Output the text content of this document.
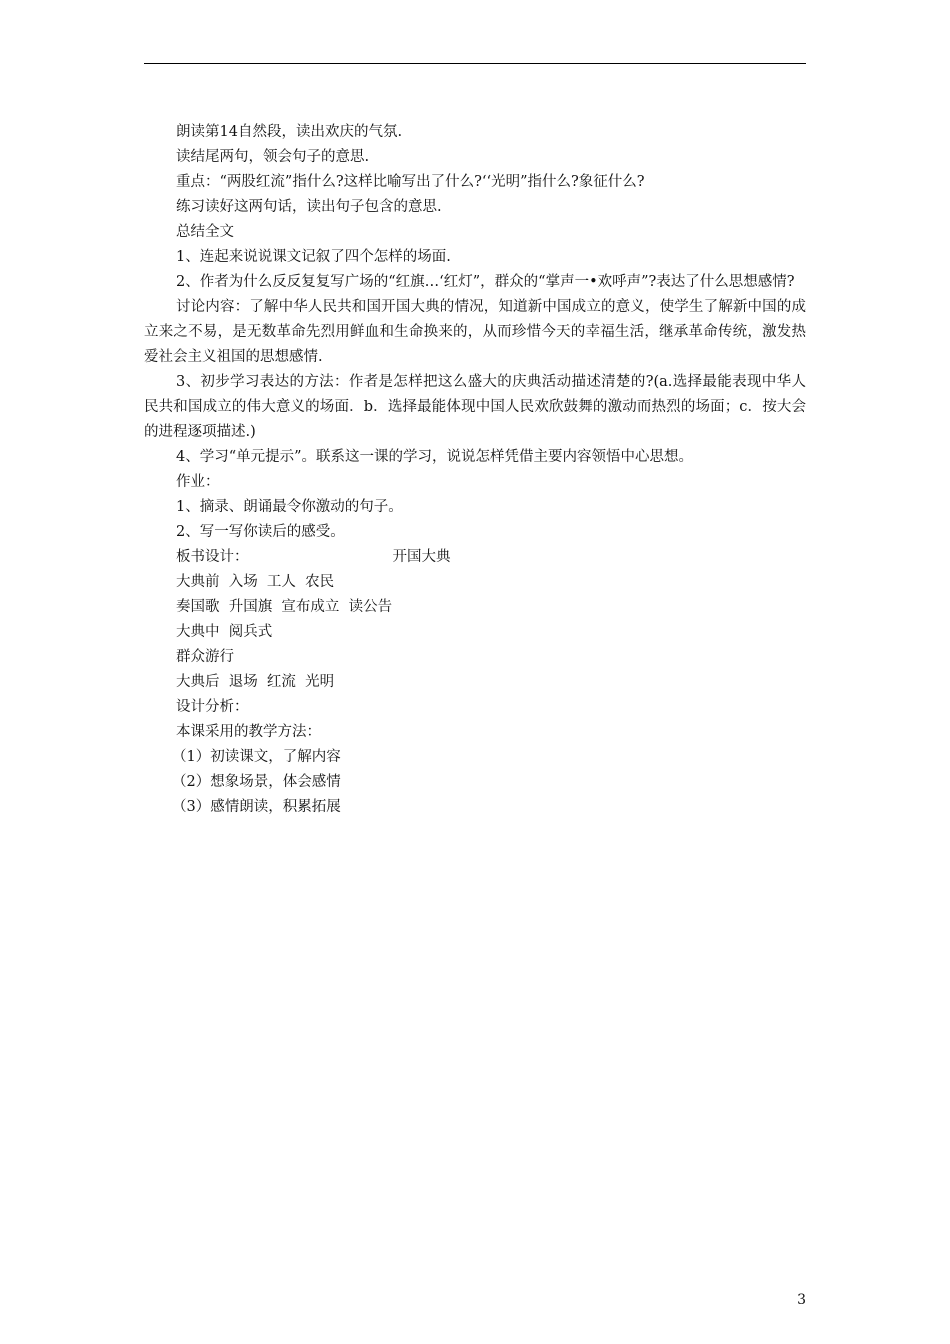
朗读第14自然段，读出欢庆的气氛.

读结尾两句，领会句子的意思.

重点：“两股红流”指什么?这样比喻写出了什么?‘‘光明”指什么?象征什么?

练习读好这两句话，读出句子包含的意思.

总结全文

1、连起来说说课文记叙了四个怎样的场面.

2、作者为什么反反复复写广场的“红旗…‘红灯”，群众的“掌声一•欢呼声”?表达了什么思想感情?

讨论内容：了解中华人民共和国开国大典的情况，知道新中国成立的意义，使学生了解新中国的成立来之不易，是无数革命先烈用鲜血和生命换来的，从而珍惜今天的幸福生活，继承革命传统，激发热爱社会主义祖国的思想感情.

3、初步学习表达的方法：作者是怎样把这么盛大的庆典活动描述清楚的?(a.选择最能表现中华人民共和国成立的伟大意义的场面．b．选择最能体现中国人民欢欣鼓舞的激动而热烈的场面；c．按大会的进程逐项描述.)

4、学习“单元提示”。联系这一课的学习，说说怎样凭借主要内容领悟中心思想。

作业：

1、摘录、朗诵最令你激动的句子。

2、写一写你读后的感受。

板书设计：	开国大典

大典前  入场  工人  农民

奏国歌  升国旗  宣布成立  读公告

大典中  阅兵式

群众游行

大典后  退场  红流  光明

设计分析：

本课采用的教学方法：

（1）初读课文，了解内容

（2）想象场景，体会感情

（3）感情朗读，积累拓展

3
